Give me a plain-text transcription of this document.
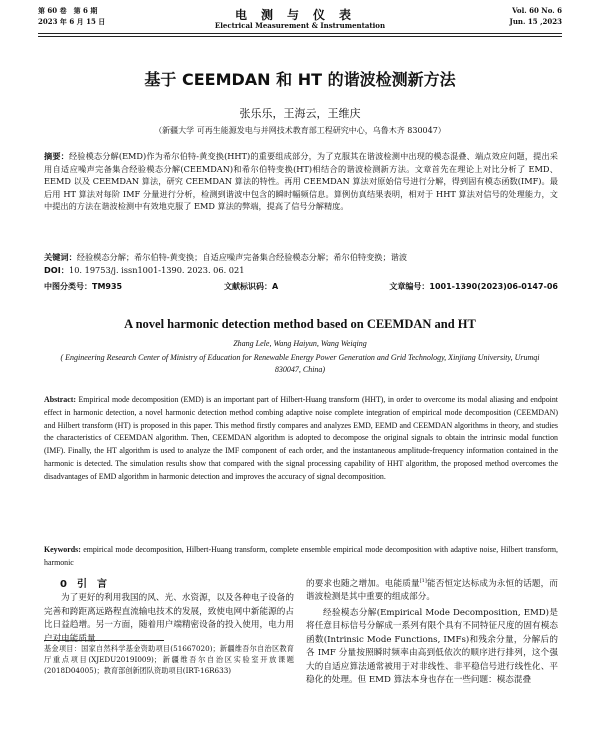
第 60 卷　第 6 期
2023 年 6 月 15 日	电测与仪表
Electrical Measurement & Instrumentation
Vol. 60 No. 6
Jun. 15 ,2023
基于 CEEMDAN 和 HT 的谐波检测新方法
张乐乐，王海云，王维庆
（新疆大学 可再生能源发电与并网技术教育部工程研究中心，乌鲁木齐 830047）
摘要：经验模态分解(EMD)作为希尔伯特-黄变换(HHT)的重要组成部分，为了克服其在谐波检测中出现的模态混叠、端点效应问题，提出采用自适应噪声完备集合经验模态分解(CEEMDAN)和希尔伯特变换(HT)相结合的谐波检测新方法。文章首先在理论上对比分析了 EMD、EEMD 以及 CEEMDAN 算法，研究 CEEMDAN 算法的特性。再用 CEEMDAN 算法对原始信号进行分解，得到固有模态函数(IMF)。最后用 HT 算法对每阶 IMF 分量进行分析，检测到谐波中包含的瞬时幅频信息。算例仿真结果表明，相对于 HHT 算法对信号的处理能力，文中提出的方法在谐波检测中有效地克服了 EMD 算法的弊端，提高了信号分解精度。
关键词：经验模态分解；希尔伯特-黄变换；自适应噪声完备集合经验模态分解；希尔伯特变换；谐波
DOI：10. 19753/j. issn1001-1390. 2023. 06. 021
中图分类号：TM935	文献标识码：A	文章编号：1001-1390(2023)06-0147-06
A novel harmonic detection method based on CEEMDAN and HT
Zhang Lele, Wang Haiyun, Wang Weiqing
( Engineering Research Center of Ministry of Education for Renewable Energy Power Generation and Grid Technology, Xinjiang University, Urumqi 830047, China)
Abstract: Empirical mode decomposition (EMD) is an important part of Hilbert-Huang transform (HHT), in order to overcome its modal aliasing and endpoint effect in harmonic detection, a novel harmonic detection method combing adaptive noise complete integration of empirical mode decomposition (CEEMDAN) and Hilbert transform (HT) is proposed in this paper. This method firstly compares and analyzes EMD, EEMD and CEEMDAN algorithms in theory, and studies the characteristics of CEEMDAN algorithm. Then, CEEMDAN algorithm is adopted to decompose the original signals to obtain the intrinsic modal function (IMF). Finally, the HT algorithm is used to analyze the IMF component of each order, and the instantaneous amplitude-frequency information contained in the harmonic is detected. The simulation results show that compared with the signal processing capability of HHT algorithm, the proposed method overcomes the disadvantages of EMD algorithm in harmonic detection and improves the accuracy of signal decomposition.
Keywords: empirical mode decomposition, Hilbert-Huang transform, complete ensemble empirical mode decomposition with adaptive noise, Hilbert transform, harmonic
0　引　言
为了更好的利用我国的风、光、水资源，以及各种电子设备的完善和跨距离远路程直流输电技术的发展，致使电网中新能源的占比日益趋增。另一方面，随着用户端精密设备的投入使用，电力用户对电能质量
基金项目：国家自然科学基金资助项目(51667020)；新疆维吾尔自治区教育厅重点项目(XJEDU2019I009)；新疆维吾尔自治区实验室开放课题(2018D04005)；教育部创新团队资助项目(IRT-16R633)

的要求也随之增加。电能质量[1]能否恒定达标成为永恒的话题，而谐波检测是其中重要的组成部分。

经验模态分解(Empirical Mode Decomposition, EMD)是将任意目标信号分解成一系列有限个具有不同特征尺度的固有模态函数(Intrinsic Mode Functions, IMFs)和残余分量，分解后的各 IMF 分量按照瞬时频率由高到低依次的顺序进行排列，这个强大的自适应算法通常被用于对非线性、非平稳信号进行线性化、平稳化的处理。但 EMD 算法本身也存在一些问题：模态混叠
